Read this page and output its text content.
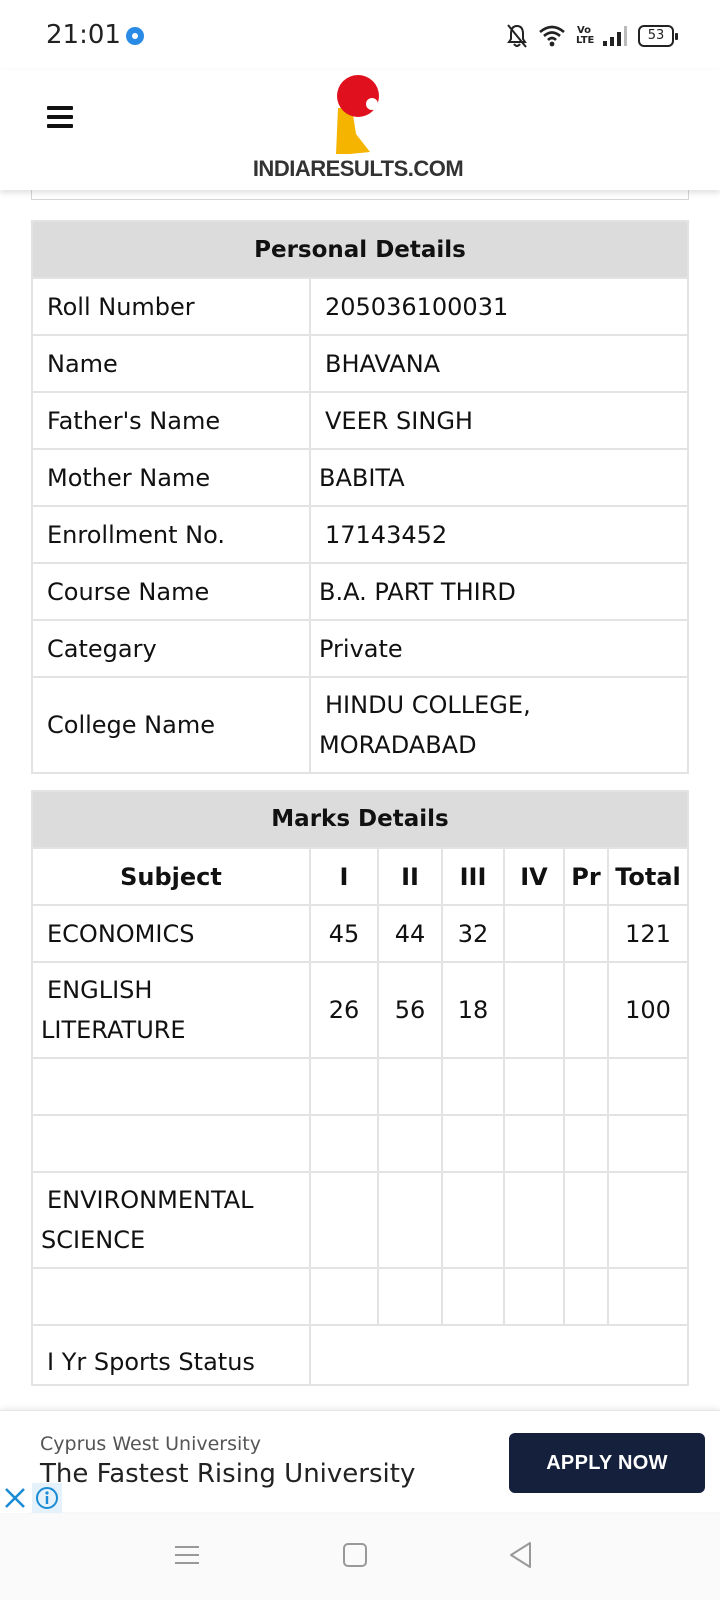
21:01	Vo LTE	53
INDIARESULTS.COM
Personal Details	
Roll Number	205036100031
Name	BHAVANA
Father's Name	VEER SINGH
Mother Name	BABITA
Enrollment No.	17143452
Course Name	B.A. PART THIRD
Categary	Private
College Name	HINDU COLLEGE,
MORADABAD
Marks Details						
Subject	I	II	III	IV	Pr	Total
ECONOMICS	45	44	32			121

ENGLISH
LITERATURE	26	56	18			100

ENVIRONMENTAL
SCIENCE						

I Yr Sports Status						
Cyprus West University
The Fastest Rising University	APPLY NOW
